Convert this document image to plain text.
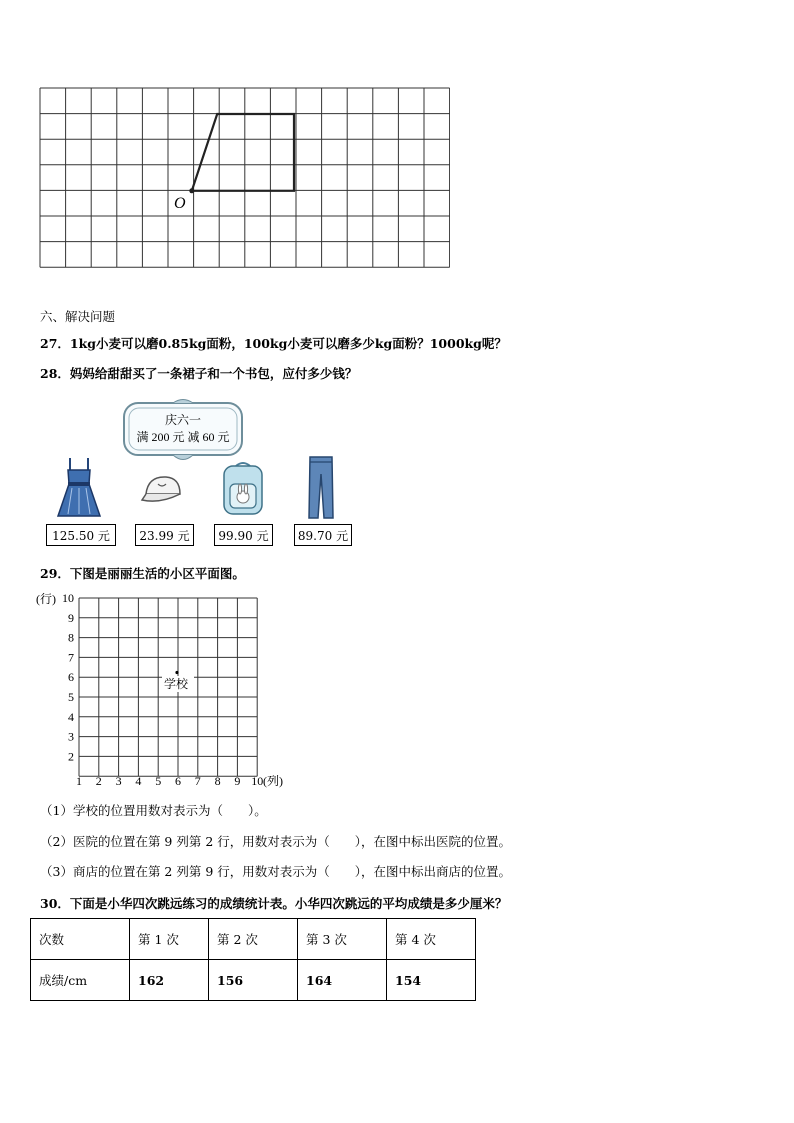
O
六、解决问题
27．1kg小麦可以磨0.85kg面粉，100kg小麦可以磨多少kg面粉？1000kg呢？
28．妈妈给甜甜买了一条裙子和一个书包，应付多少钱？
庆六一
满 200 元 减 60 元
125.50 元	23.99 元	99.90 元	89.70 元
29．下图是丽丽生活的小区平面图。
(行) 10
9
8
7
6
5
4
3
2
1 2 3 4 5 6 7 8 9 10 (列)
学校
（1）学校的位置用数对表示为（　　）。
（2）医院的位置在第 9 列第 2 行，用数对表示为（　　），在图中标出医院的位置。
（3）商店的位置在第 2 列第 9 行，用数对表示为（　　），在图中标出商店的位置。
30．下面是小华四次跳远练习的成绩统计表。小华四次跳远的平均成绩是多少厘米？
次数	第 1 次	第 2 次	第 3 次	第 4 次
成绩/cm	162	156	164	154
